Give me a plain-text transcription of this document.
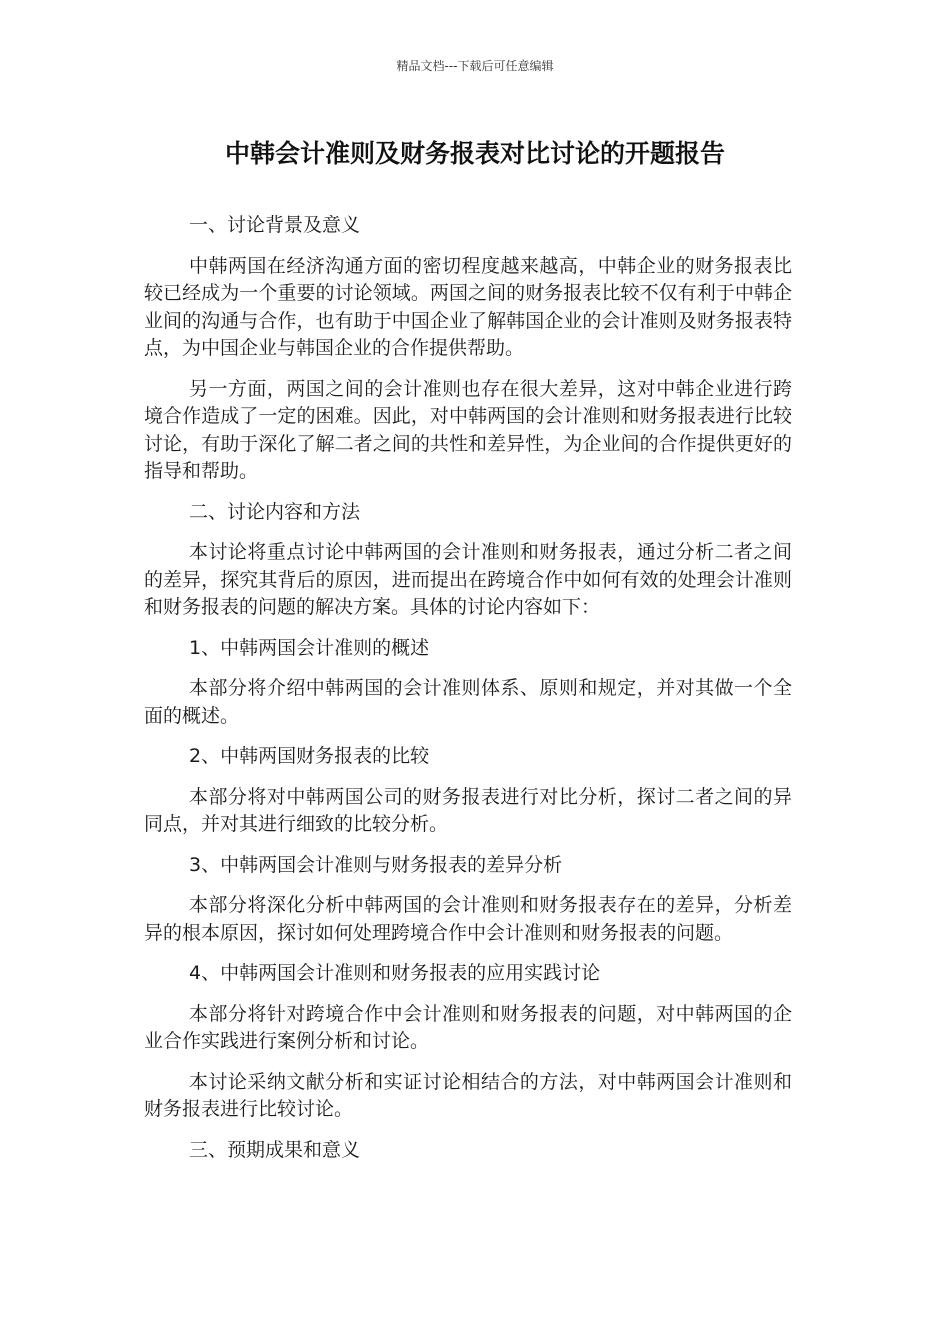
精品文档---下载后可任意编辑
中韩会计准则及财务报表对比讨论的开题报告

一、讨论背景及意义

中韩两国在经济沟通方面的密切程度越来越高，中韩企业的财务报表比较已经成为一个重要的讨论领域。两国之间的财务报表比较不仅有利于中韩企业间的沟通与合作，也有助于中国企业了解韩国企业的会计准则及财务报表特点，为中国企业与韩国企业的合作提供帮助。

另一方面，两国之间的会计准则也存在很大差异，这对中韩企业进行跨境合作造成了一定的困难。因此，对中韩两国的会计准则和财务报表进行比较讨论，有助于深化了解二者之间的共性和差异性，为企业间的合作提供更好的指导和帮助。

二、讨论内容和方法

本讨论将重点讨论中韩两国的会计准则和财务报表，通过分析二者之间的差异，探究其背后的原因，进而提出在跨境合作中如何有效的处理会计准则和财务报表的问题的解决方案。具体的讨论内容如下：

1、中韩两国会计准则的概述

本部分将介绍中韩两国的会计准则体系、原则和规定，并对其做一个全面的概述。

2、中韩两国财务报表的比较

本部分将对中韩两国公司的财务报表进行对比分析，探讨二者之间的异同点，并对其进行细致的比较分析。

3、中韩两国会计准则与财务报表的差异分析

本部分将深化分析中韩两国的会计准则和财务报表存在的差异，分析差异的根本原因，探讨如何处理跨境合作中会计准则和财务报表的问题。

4、中韩两国会计准则和财务报表的应用实践讨论

本部分将针对跨境合作中会计准则和财务报表的问题，对中韩两国的企业合作实践进行案例分析和讨论。

本讨论采纳文献分析和实证讨论相结合的方法，对中韩两国会计准则和财务报表进行比较讨论。

三、预期成果和意义
